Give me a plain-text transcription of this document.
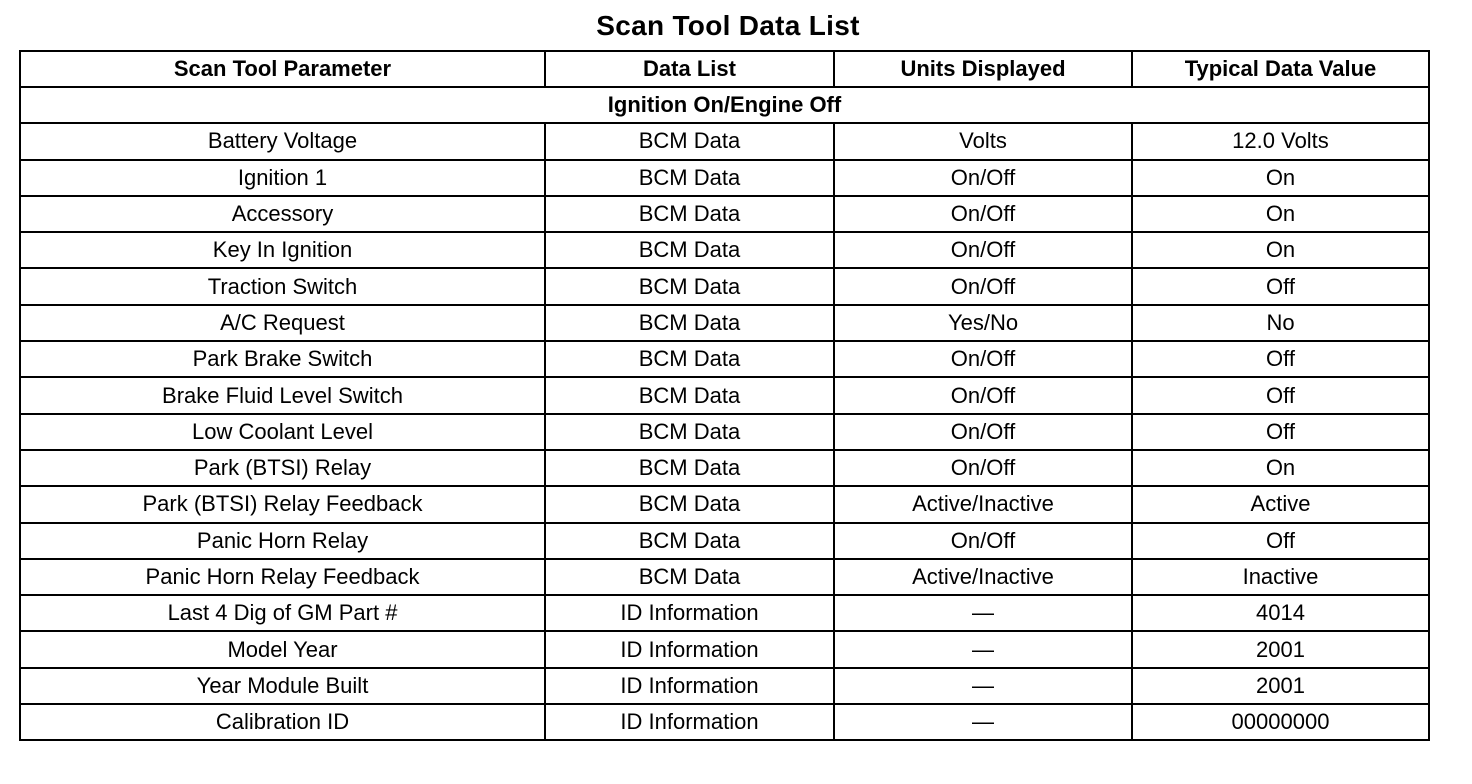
Scan Tool Data List
Scan Tool Parameter	Data List	Units Displayed	Typical Data Value
Ignition On/Engine Off			
Battery Voltage	BCM Data	Volts	12.0 Volts
Ignition 1	BCM Data	On/Off	On
Accessory	BCM Data	On/Off	On
Key In Ignition	BCM Data	On/Off	On
Traction Switch	BCM Data	On/Off	Off
A/C Request	BCM Data	Yes/No	No
Park Brake Switch	BCM Data	On/Off	Off
Brake Fluid Level Switch	BCM Data	On/Off	Off
Low Coolant Level	BCM Data	On/Off	Off
Park (BTSI) Relay	BCM Data	On/Off	On
Park (BTSI) Relay Feedback	BCM Data	Active/Inactive	Active
Panic Horn Relay	BCM Data	On/Off	Off
Panic Horn Relay Feedback	BCM Data	Active/Inactive	Inactive
Last 4 Dig of GM Part #	ID Information	—	4014
Model Year	ID Information	—	2001
Year Module Built	ID Information	—	2001
Calibration ID	ID Information	—	00000000
